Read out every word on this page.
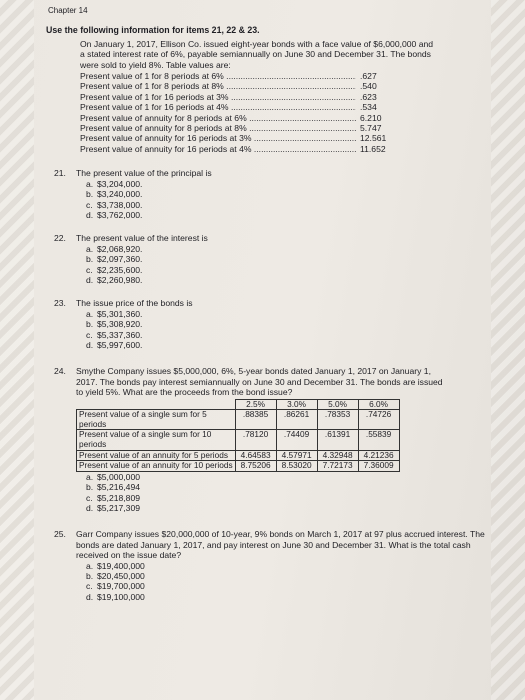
Chapter 14
Use the following information for items 21, 22 & 23.
On January 1, 2017, Ellison Co. issued eight-year bonds with a face value of $6,000,000 and a stated interest rate of 6%, payable semiannually on June 30 and December 31. The bonds were sold to yield 8%. Table values are:
Present value of 1 for 8 periods at 6% .....	.627
Present value of 1 for 8 periods at 8% .....	.540
Present value of 1 for 16 periods at 3% .....	.623
Present value of 1 for 16 periods at 4% .....	.534
Present value of annuity for 8 periods at 6% .....	6.210
Present value of annuity for 8 periods at 8% .....	5.747
Present value of annuity for 16 periods at 3% .....	12.561
Present value of annuity for 16 periods at 4% .....	11.652
21.	The present value of the principal is
a. $3,204,000.
b. $3,240,000.
c. $3,738,000.
d. $3,762,000.
22.	The present value of the interest is
a. $2,068,920.
b. $2,097,360.
c. $2,235,600.
d. $2,260,980.
23.	The issue price of the bonds is
a. $5,301,360.
b. $5,308,920.
c. $5,337,360.
d. $5,997,600.
24.	Smythe Company issues $5,000,000, 6%, 5-year bonds dated January 1, 2017 on January 1, 2017. The bonds pay interest semiannually on June 30 and December 31. The bonds are issued to yield 5%. What are the proceeds from the bond issue?
	2.5%	3.0%	5.0%	6.0%
Present value of a single sum for 5 periods	.88385	.86261	.78353	.74726
Present value of a single sum for 10 periods	.78120	.74409	.61391	.55839
Present value of an annuity for 5 periods	4.64583	4.57971	4.32948	4.21236
Present value of an annuity for 10 periods	8.75206	8.53020	7.72173	7.36009
a. $5,000,000
b. $5,216,494
c. $5,218,809
d. $5,217,309
25.	Garr Company issues $20,000,000 of 10-year, 9% bonds on March 1, 2017 at 97 plus accrued interest. The bonds are dated January 1, 2017, and pay interest on June 30 and December 31. What is the total cash received on the issue date?
a. $19,400,000
b. $20,450,000
c. $19,700,000
d. $19,100,000
